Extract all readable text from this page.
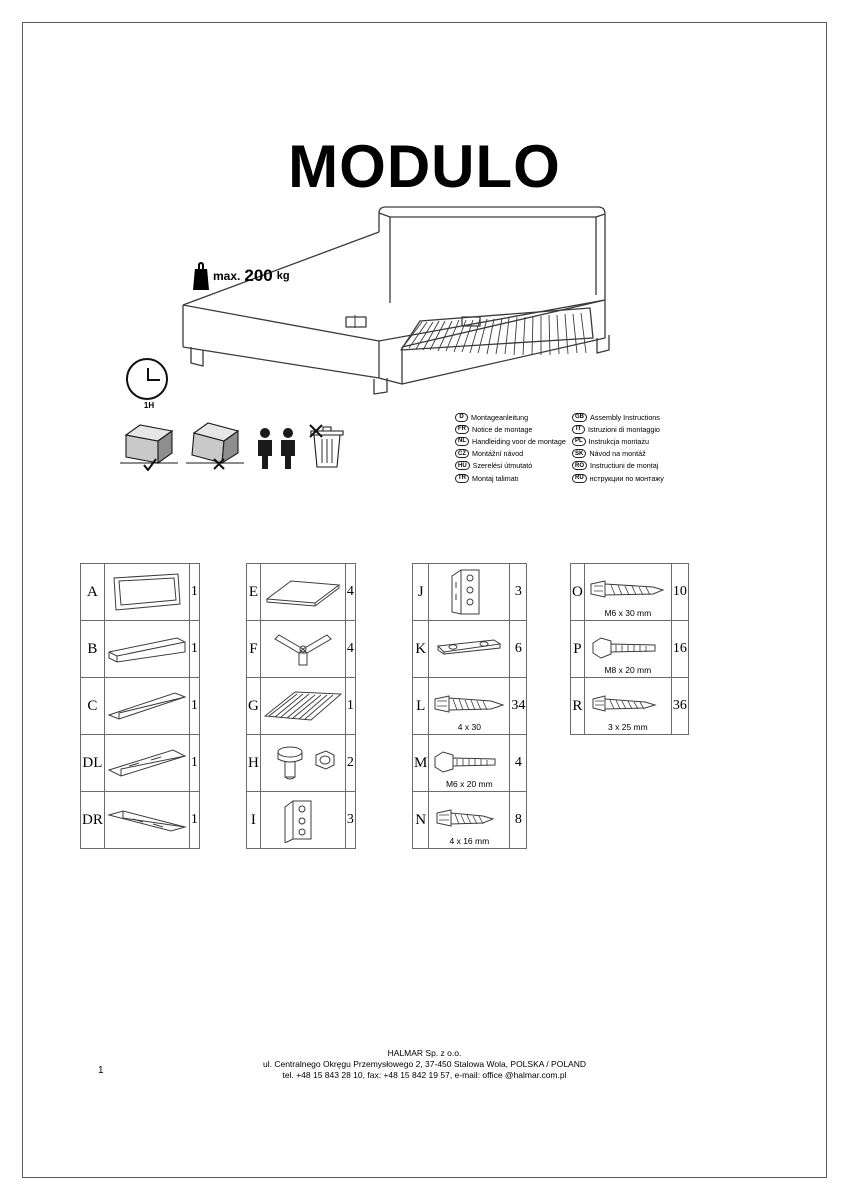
MODULO
max. 200 kg
1H
D	Montageanleitung
FR Notice de montage
NL Handleiding voor de montage
CZ Montážní návod
HU Szerelési útmutató
TR Montaj talimatı
GB Assembly Instructions
IT Istruzioni di montaggio
PL Instrukcja montażu
SK Návod na montáž
RO Instructiuni de montaj
RU нструкции по монтажу
A		1
B		1
C		1
DL		1
DR		1
E		4
F		4
G		1
H		2
I		3
J		3
K		6
L	4 x 30	34
M	M6 x 20 mm	4
N	4 x 16 mm	8
O	M6 x 30 mm	10
P	M8 x 20 mm	16
R	3 x 25 mm	36
1
HALMAR Sp. z o.o.
ul. Centralnego Okręgu Przemysłowego 2, 37-450 Stalowa Wola, POLSKA / POLAND
tel. +48 15 843 28 10, fax: +48 15 842 19 57, e-mail: office @halmar.com.pl
